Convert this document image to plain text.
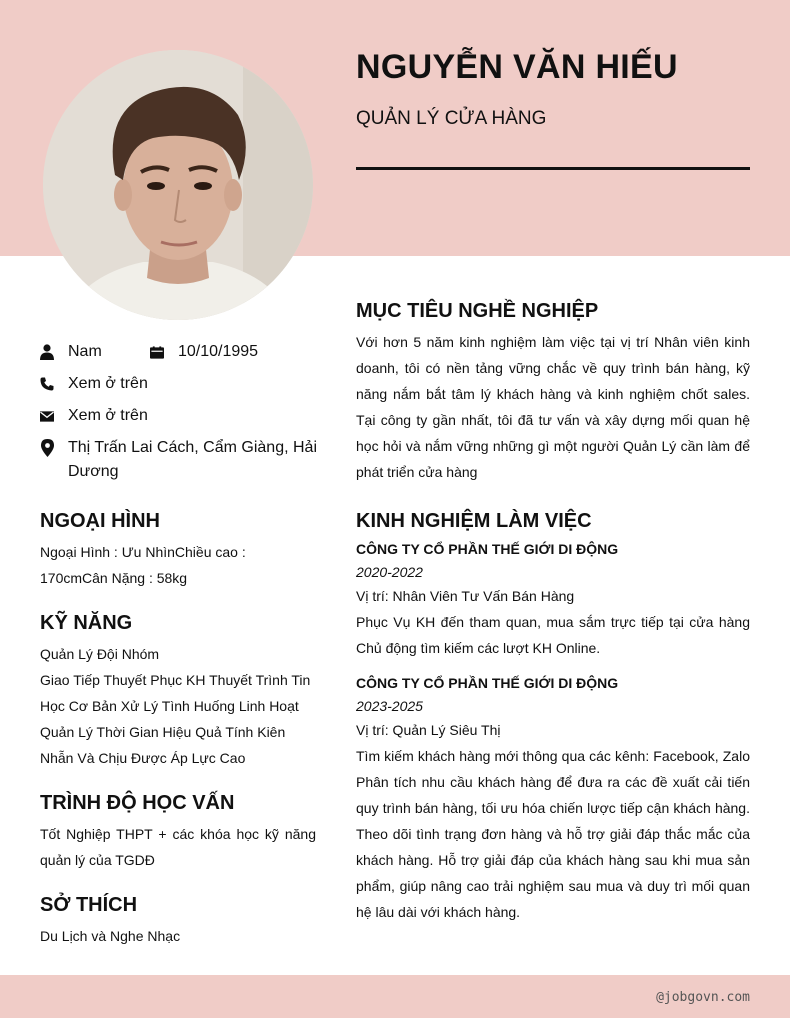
NGUYỄN VĂN HIẾU
QUẢN LÝ CỬA HÀNG
Nam	10/10/1995
Xem ở trên
Xem ở trên
Thị Trấn Lai Cách, Cẩm Giàng, Hải Dương
NGOẠI HÌNH

Ngoại Hình : Ưu NhìnChiều cao : 170cmCân Nặng : 58kg

KỸ NĂNG

Quản Lý Đội Nhóm

Giao Tiếp Thuyết Phục KH Thuyết Trình Tin Học Cơ Bản Xử Lý Tình Huống Linh Hoạt Quản Lý Thời Gian Hiệu Quả Tính Kiên Nhẫn Và Chịu Được Áp Lực Cao

TRÌNH ĐỘ HỌC VẤN

Tốt Nghiệp THPT + các khóa học kỹ năng quản lý của TGDĐ

SỞ THÍCH

Du Lịch và Nghe Nhạc

MỤC TIÊU NGHỀ NGHIỆP

Với hơn 5 năm kinh nghiệm làm việc tại vị trí Nhân viên kinh doanh, tôi có nền tảng vững chắc về quy trình bán hàng, kỹ năng nắm bắt tâm lý khách hàng và kinh nghiệm chốt sales. Tại công ty gần nhất, tôi đã tư vấn và xây dựng mối quan hệ học hỏi và nắm vững những gì một người Quản Lý cần làm để phát triển cửa hàng

KINH NGHIỆM LÀM VIỆC

CÔNG TY CỔ PHẦN THẾ GIỚI DI ĐỘNG

2020-2022

Vị trí: Nhân Viên Tư Vấn Bán Hàng

Phục Vụ KH đến tham quan, mua sắm trực tiếp tại cửa hàng Chủ động tìm kiếm các lượt KH Online.

CÔNG TY CỔ PHẦN THẾ GIỚI DI ĐỘNG

2023-2025

Vị trí: Quản Lý Siêu Thị

Tìm kiếm khách hàng mới thông qua các kênh: Facebook, Zalo Phân tích nhu cầu khách hàng để đưa ra các đề xuất cải tiến quy trình bán hàng, tối ưu hóa chiến lược tiếp cận khách hàng. Theo dõi tình trạng đơn hàng và hỗ trợ giải đáp thắc mắc của khách hàng. Hỗ trợ giải đáp của khách hàng sau khi mua sản phẩm, giúp nâng cao trải nghiệm sau mua và duy trì mối quan hệ lâu dài với khách hàng.

@jobgovn.com
